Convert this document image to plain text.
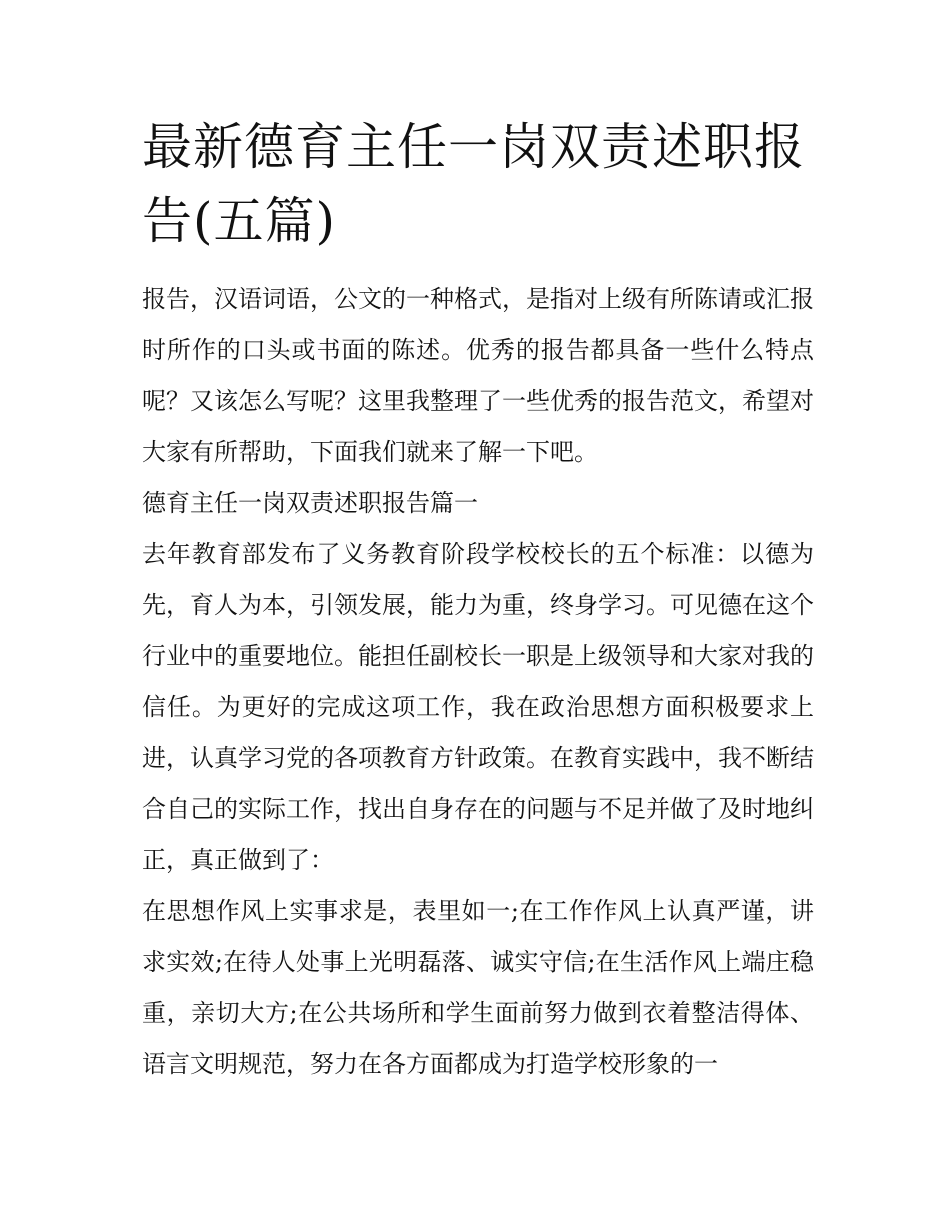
最新德育主任一岗双责述职报告(五篇)

报告，汉语词语，公文的一种格式，是指对上级有所陈请或汇报时所作的口头或书面的陈述。优秀的报告都具备一些什么特点呢？又该怎么写呢？这里我整理了一些优秀的报告范文，希望对大家有所帮助，下面我们就来了解一下吧。

德育主任一岗双责述职报告篇一

去年教育部发布了义务教育阶段学校校长的五个标准：以德为先，育人为本，引领发展，能力为重，终身学习。可见德在这个行业中的重要地位。能担任副校长一职是上级领导和大家对我的信任。为更好的完成这项工作，我在政治思想方面积极要求上进，认真学习党的各项教育方针政策。在教育实践中，我不断结合自己的实际工作，找出自身存在的问题与不足并做了及时地纠正，真正做到了：

在思想作风上实事求是，表里如一;在工作作风上认真严谨，讲求实效;在待人处事上光明磊落、诚实守信;在生活作风上端庄稳重，亲切大方;在公共场所和学生面前努力做到衣着整洁得体、语言文明规范，努力在各方面都成为打造学校形象的一
